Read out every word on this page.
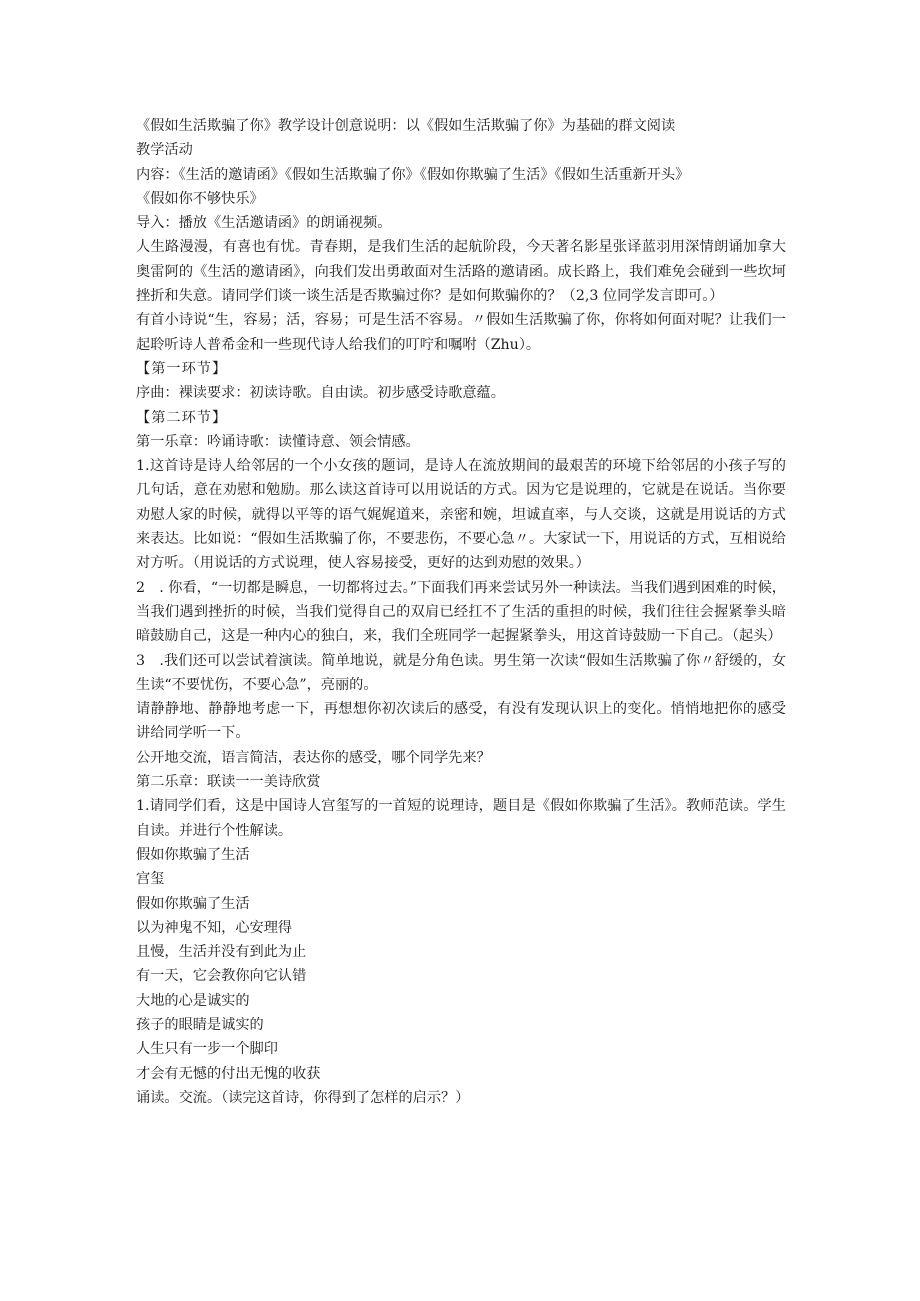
《假如生活欺骗了你》教学设计创意说明：以《假如生活欺骗了你》为基础的群文阅读
教学活动
内容：《生活的邀请函》《假如生活欺骗了你》《假如你欺骗了生活》《假如生活重新开头》
《假如你不够快乐》
导入：播放《生活邀请函》的朗诵视频。
人生路漫漫，有喜也有忧。青春期，是我们生活的起航阶段，今天著名影星张译蓝羽用深情朗诵加拿大奥雷阿的《生活的邀请函》，向我们发出勇敢面对生活路的邀请函。成长路上，我们难免会碰到一些坎坷挫折和失意。请同学们谈一谈生活是否欺骗过你？是如何欺骗你的？（2,3 位同学发言即可。）
有首小诗说“生，容易；活，容易；可是生活不容易。〃假如生活欺骗了你，你将如何面对呢？让我们一起聆听诗人普希金和一些现代诗人给我们的叮咛和嘱咐（Zhu）。
【第一环节】
序曲：裸读要求：初读诗歌。自由读。初步感受诗歌意蕴。
【第二环节】
第一乐章：吟诵诗歌：读懂诗意、领会情感。
1.这首诗是诗人给邻居的一个小女孩的题词，是诗人在流放期间的最艰苦的环境下给邻居的小孩子写的几句话，意在劝慰和勉励。那么读这首诗可以用说话的方式。因为它是说理的，它就是在说话。当你要劝慰人家的时候，就得以平等的语气娓娓道来，亲密和婉，坦诚直率，与人交谈，这就是用说话的方式来表达。比如说：“假如生活欺骗了你，不要悲伤，不要心急〃。大家试一下，用说话的方式，互相说给对方听。（用说话的方式说理，使人容易接受，更好的达到劝慰的效果。）
2　. 你看，“一切都是瞬息，一切都将过去。”下面我们再来尝试另外一种读法。当我们遇到困难的时候，当我们遇到挫折的时候，当我们觉得自己的双肩已经扛不了生活的重担的时候，我们往往会握紧拳头暗暗鼓励自己，这是一种内心的独白，来，我们全班同学一起握紧拳头，用这首诗鼓励一下自己。（起头）
3　.我们还可以尝试着演读。简单地说，就是分角色读。男生第一次读“假如生活欺骗了你〃舒缓的，女生读“不要忧伤，不要心急”，亮丽的。
请静静地、静静地考虑一下，再想想你初次读后的感受，有没有发现认识上的变化。悄悄地把你的感受讲给同学听一下。
公开地交流，语言简洁，表达你的感受，哪个同学先来？
第二乐章：联读一一美诗欣赏
1.请同学们看，这是中国诗人宫玺写的一首短的说理诗，题目是《假如你欺骗了生活》。教师范读。学生自读。并进行个性解读。
假如你欺骗了生活
宫玺
假如你欺骗了生活
以为神鬼不知，心安理得
且慢，生活并没有到此为止
有一天，它会教你向它认错
大地的心是诚实的
孩子的眼睛是诚实的
人生只有一步一个脚印
才会有无憾的付出无愧的收获
诵读。交流。（读完这首诗，你得到了怎样的启示？）
